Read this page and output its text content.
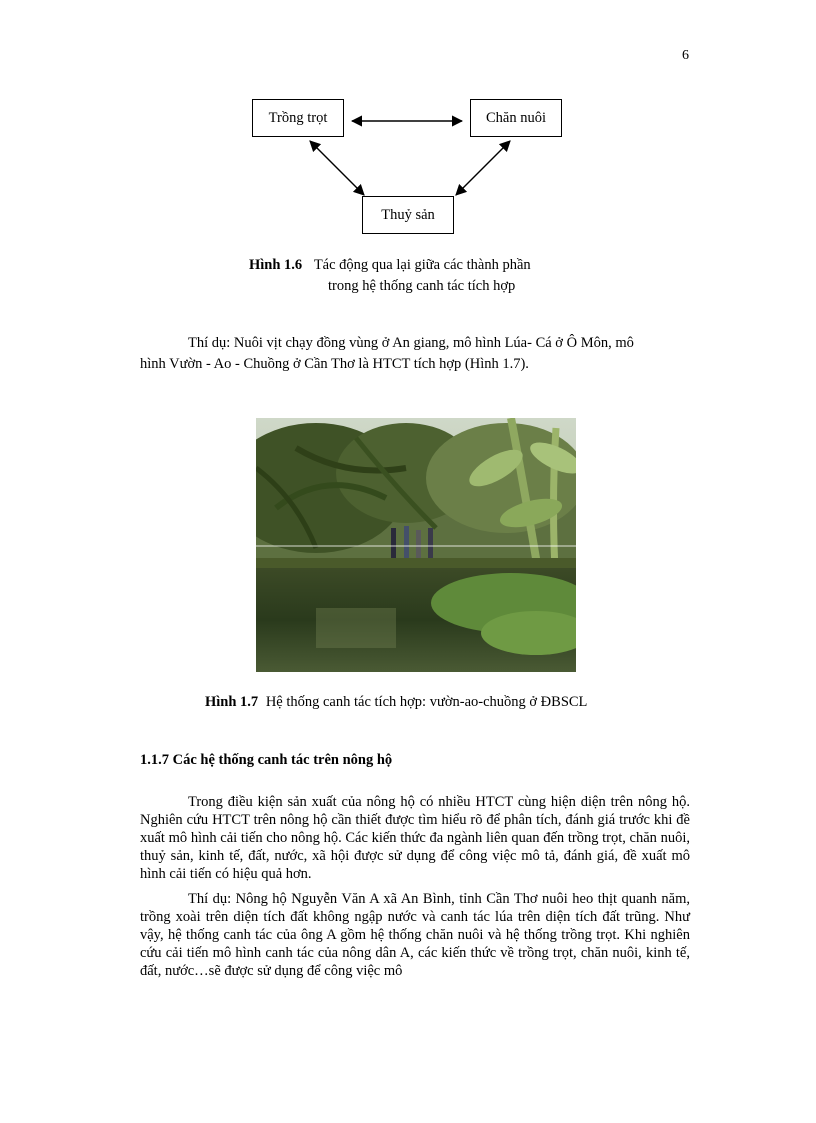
6
Trồng trọt	Chăn nuôi
Thuỷ sản
Hình 1.6 Tác động qua lại giữa các thành phần
trong hệ thống canh tác tích hợp
Thí dụ: Nuôi vịt chạy đồng vùng ở An giang, mô hình Lúa- Cá ở Ô Môn, mô
hình Vườn - Ao - Chuồng ở Cần Thơ là HTCT tích hợp (Hình 1.7).
Hình 1.7 Hệ thống canh tác tích hợp: vườn-ao-chuồng ở ĐBSCL
1.1.7 Các hệ thống canh tác trên nông hộ
Trong điều kiện sản xuất của nông hộ có nhiều HTCT cùng hiện diện trên nông hộ. Nghiên cứu HTCT trên nông hộ cần thiết được tìm hiểu rõ để phân tích, đánh giá trước khi đề xuất mô hình cải tiến cho nông hộ. Các kiến thức đa ngành liên quan đến trồng trọt, chăn nuôi, thuỷ sản, kinh tế, đất, nước, xã hội được sử dụng để công việc mô tả, đánh giá, đề xuất mô hình cải tiến có hiệu quả hơn.
Thí dụ: Nông hộ Nguyễn Văn A xã An Bình, tỉnh Cần Thơ nuôi heo thịt quanh năm, trồng xoài trên diện tích đất không ngập nước và canh tác lúa trên diện tích đất trũng. Như vậy, hệ thống canh tác của ông A gồm hệ thống chăn nuôi và hệ thống trồng trọt. Khi nghiên cứu cải tiến mô hình canh tác của nông dân A, các kiến thức về trồng trọt, chăn nuôi, kinh tế, đất, nước…sẽ được sử dụng để công việc mô
